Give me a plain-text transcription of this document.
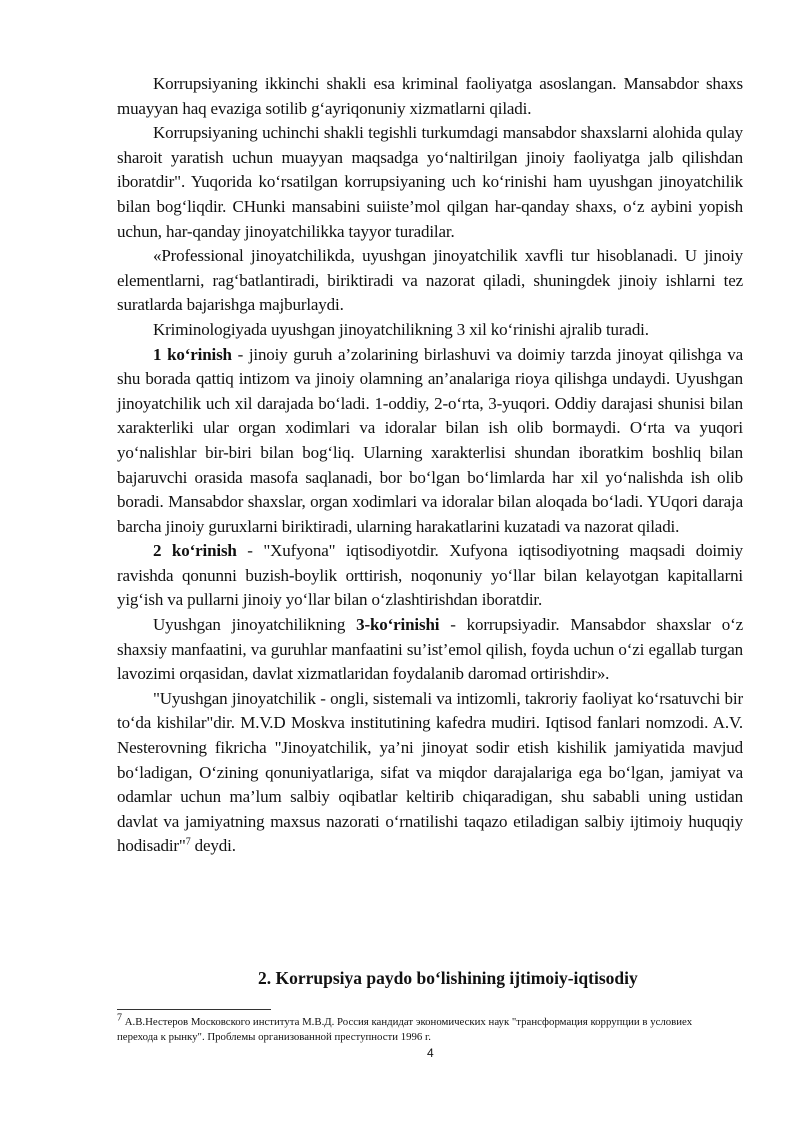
Korrupsiyaning ikkinchi shakli esa kriminal faoliyatga asoslangan. Mansabdor shaxs muayyan haq evaziga sotilib g‘ayriqonuniy xizmatlarni qiladi.

Korrupsiyaning uchinchi shakli tegishli turkumdagi mansabdor shaxslarni alohida qulay sharoit yaratish uchun muayyan maqsadga yo‘naltirilgan jinoiy faoliyatga jalb qilishdan iboratdir". Yuqorida ko‘rsatilgan korrupsiyaning uch ko‘rinishi ham uyushgan jinoyatchilik bilan bog‘liqdir. CHunki mansabini suiiste’mol qilgan har-qanday shaxs, o‘z aybini yopish uchun, har-qanday jinoyatchilikka tayyor turadilar.

«Professional jinoyatchilikda, uyushgan jinoyatchilik xavfli tur hisoblanadi. U jinoiy elementlarni, rag‘batlantiradi, biriktiradi va nazorat qiladi, shuningdek jinoiy ishlarni tez suratlarda bajarishga majburlaydi.

Kriminologiyada uyushgan jinoyatchilikning 3 xil ko‘rinishi ajralib turadi.

1 ko‘rinish - jinoiy guruh a’zolarining birlashuvi va doimiy tarzda jinoyat qilishga va shu borada qattiq intizom va jinoiy olamning an’analariga rioya qilishga undaydi. Uyushgan jinoyatchilik uch xil darajada bo‘ladi. 1-oddiy, 2-o‘rta, 3-yuqori. Oddiy darajasi shunisi bilan xarakterliki ular organ xodimlari va idoralar bilan ish olib bormaydi. O‘rta va yuqori yo‘nalishlar bir-biri bilan bog‘liq. Ularning xarakterlisi shundan iboratkim boshliq bilan bajaruvchi orasida masofa saqlanadi, bor bo‘lgan bo‘limlarda har xil yo‘nalishda ish olib boradi. Mansabdor shaxslar, organ xodimlari va idoralar bilan aloqada bo‘ladi. YUqori daraja barcha jinoiy guruxlarni biriktiradi, ularning harakatlarini kuzatadi va nazorat qiladi.

2 ko‘rinish - "Xufyona" iqtisodiyotdir. Xufyona iqtisodiyotning maqsadi doimiy ravishda qonunni buzish-boylik orttirish, noqonuniy yo‘llar bilan kelayotgan kapitallarni yig‘ish va pullarni jinoiy yo‘llar bilan o‘zlashtirishdan iboratdir.

Uyushgan jinoyatchilikning 3-ko‘rinishi - korrupsiyadir. Mansabdor shaxslar o‘z shaxsiy manfaatini, va guruhlar manfaatini su’ist’emol qilish, foyda uchun o‘zi egallab turgan lavozimi orqasidan, davlat xizmatlaridan foydalanib daromad ortirishdir».

"Uyushgan jinoyatchilik - ongli, sistemali va intizomli, takroriy faoliyat ko‘rsatuvchi bir to‘da kishilar"dir. M.V.D Moskva institutining kafedra mudiri. Iqtisod fanlari nomzodi. A.V. Nesterovning fikricha "Jinoyatchilik, ya’ni jinoyat sodir etish kishilik jamiyatida mavjud bo‘ladigan, O‘zining qonuniyatlariga, sifat va miqdor darajalariga ega bo‘lgan, jamiyat va odamlar uchun ma’lum salbiy oqibatlar keltirib chiqaradigan, shu sababli uning ustidan davlat va jamiyatning maxsus nazorati o‘rnatilishi taqazo etiladigan salbiy ijtimoiy huquqiy hodisadir"$^7$ deydi.

2. Korrupsiya paydo bo‘lishining ijtimoiy-iqtisodiy

$^7$ А.В.Нестеров Московского института М.В.Д. Россия кандидат экономических наук "трансформация коррупции в условиех перехода к рынку". Проблемы организованной преступности 1996 г.

4
